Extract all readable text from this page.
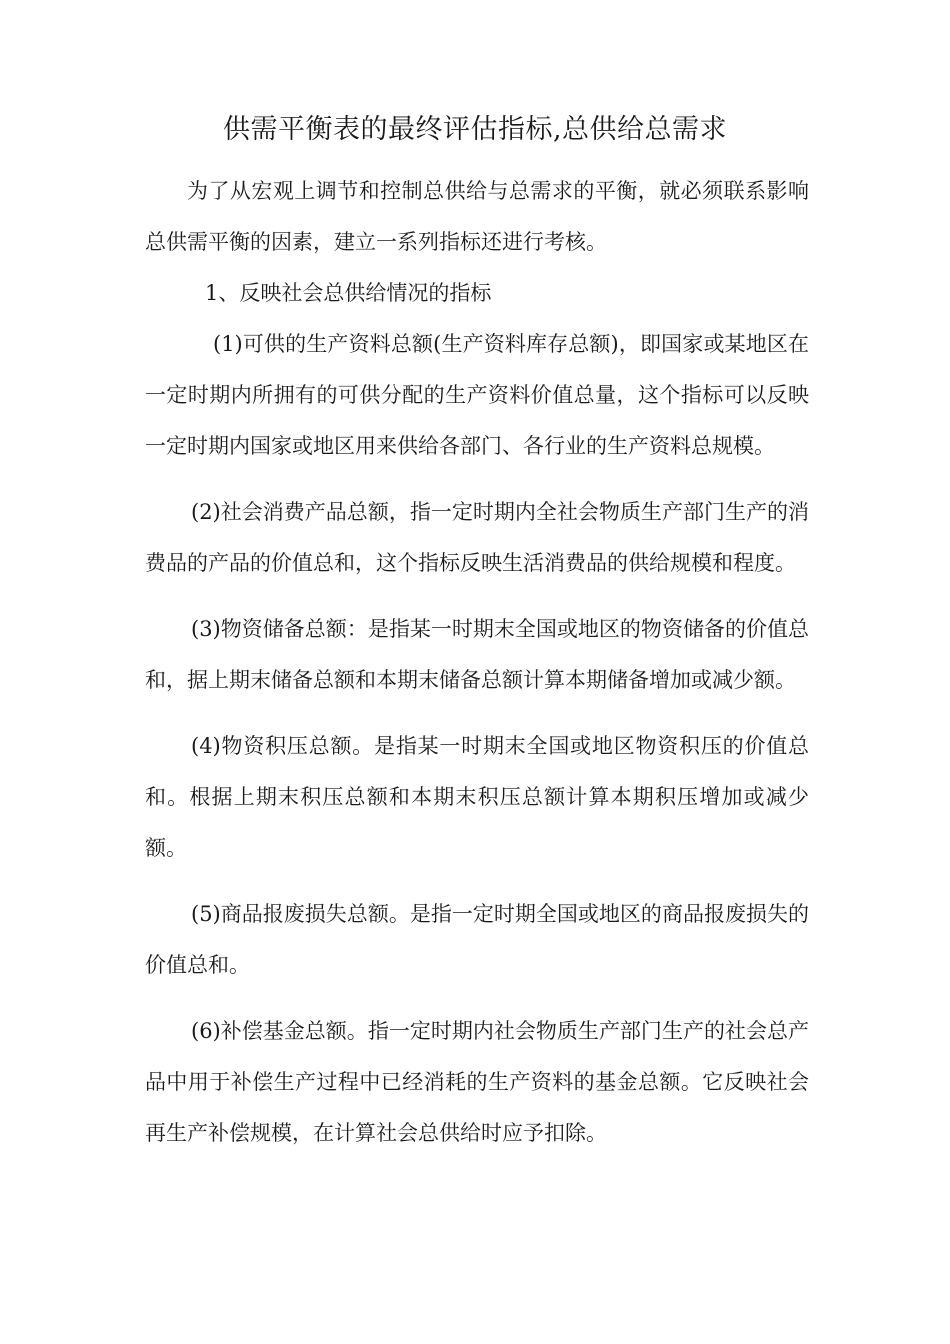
供需平衡表的最终评估指标,总供给总需求

为了从宏观上调节和控制总供给与总需求的平衡，就必须联系影响总供需平衡的因素，建立一系列指标还进行考核。

1、反映社会总供给情况的指标

(1)可供的生产资料总额(生产资料库存总额)，即国家或某地区在一定时期内所拥有的可供分配的生产资料价值总量，这个指标可以反映一定时期内国家或地区用来供给各部门、各行业的生产资料总规模。

(2)社会消费产品总额，指一定时期内全社会物质生产部门生产的消费品的产品的价值总和，这个指标反映生活消费品的供给规模和程度。

(3)物资储备总额：是指某一时期末全国或地区的物资储备的价值总和，据上期末储备总额和本期末储备总额计算本期储备增加或减少额。

(4)物资积压总额。是指某一时期末全国或地区物资积压的价值总和。根据上期末积压总额和本期末积压总额计算本期积压增加或减少额。

(5)商品报废损失总额。是指一定时期全国或地区的商品报废损失的价值总和。

(6)补偿基金总额。指一定时期内社会物质生产部门生产的社会总产品中用于补偿生产过程中已经消耗的生产资料的基金总额。它反映社会再生产补偿规模，在计算社会总供给时应予扣除。
